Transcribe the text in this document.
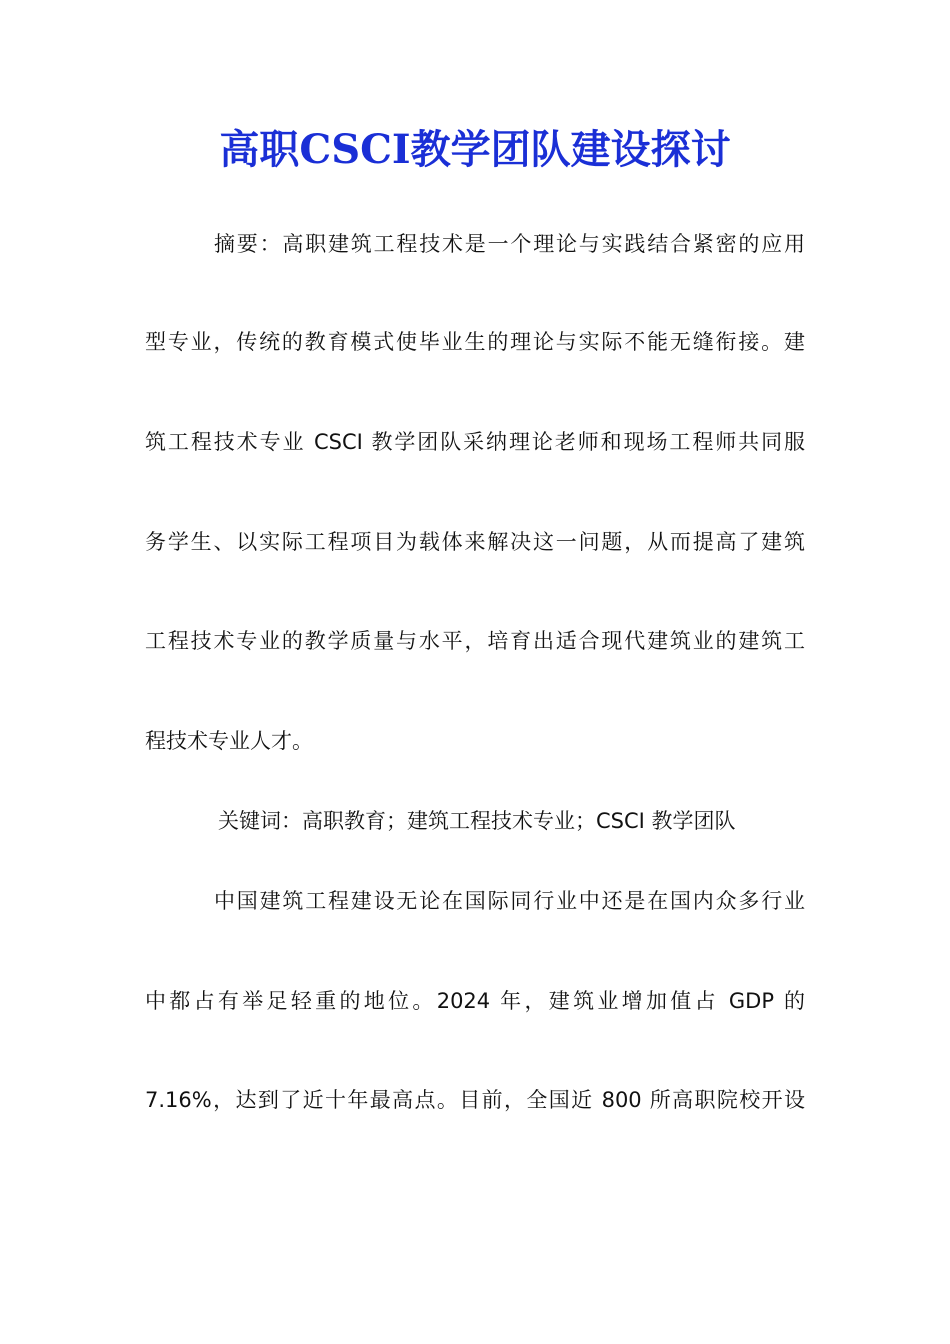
高职CSCI教学团队建设探讨
摘要：高职建筑工程技术是一个理论与实践结合紧密的应用
型专业，传统的教育模式使毕业生的理论与实际不能无缝衔接。建
筑工程技术专业 CSCI 教学团队采纳理论老师和现场工程师共同服
务学生、以实际工程项目为载体来解决这一问题，从而提高了建筑
工程技术专业的教学质量与水平，培育出适合现代建筑业的建筑工
程技术专业人才。
关键词：高职教育；建筑工程技术专业；CSCI 教学团队
中国建筑工程建设无论在国际同行业中还是在国内众多行业
中都占有举足轻重的地位。2024 年，建筑业增加值占 GDP 的
7.16%，达到了近十年最高点。目前，全国近 800 所高职院校开设
